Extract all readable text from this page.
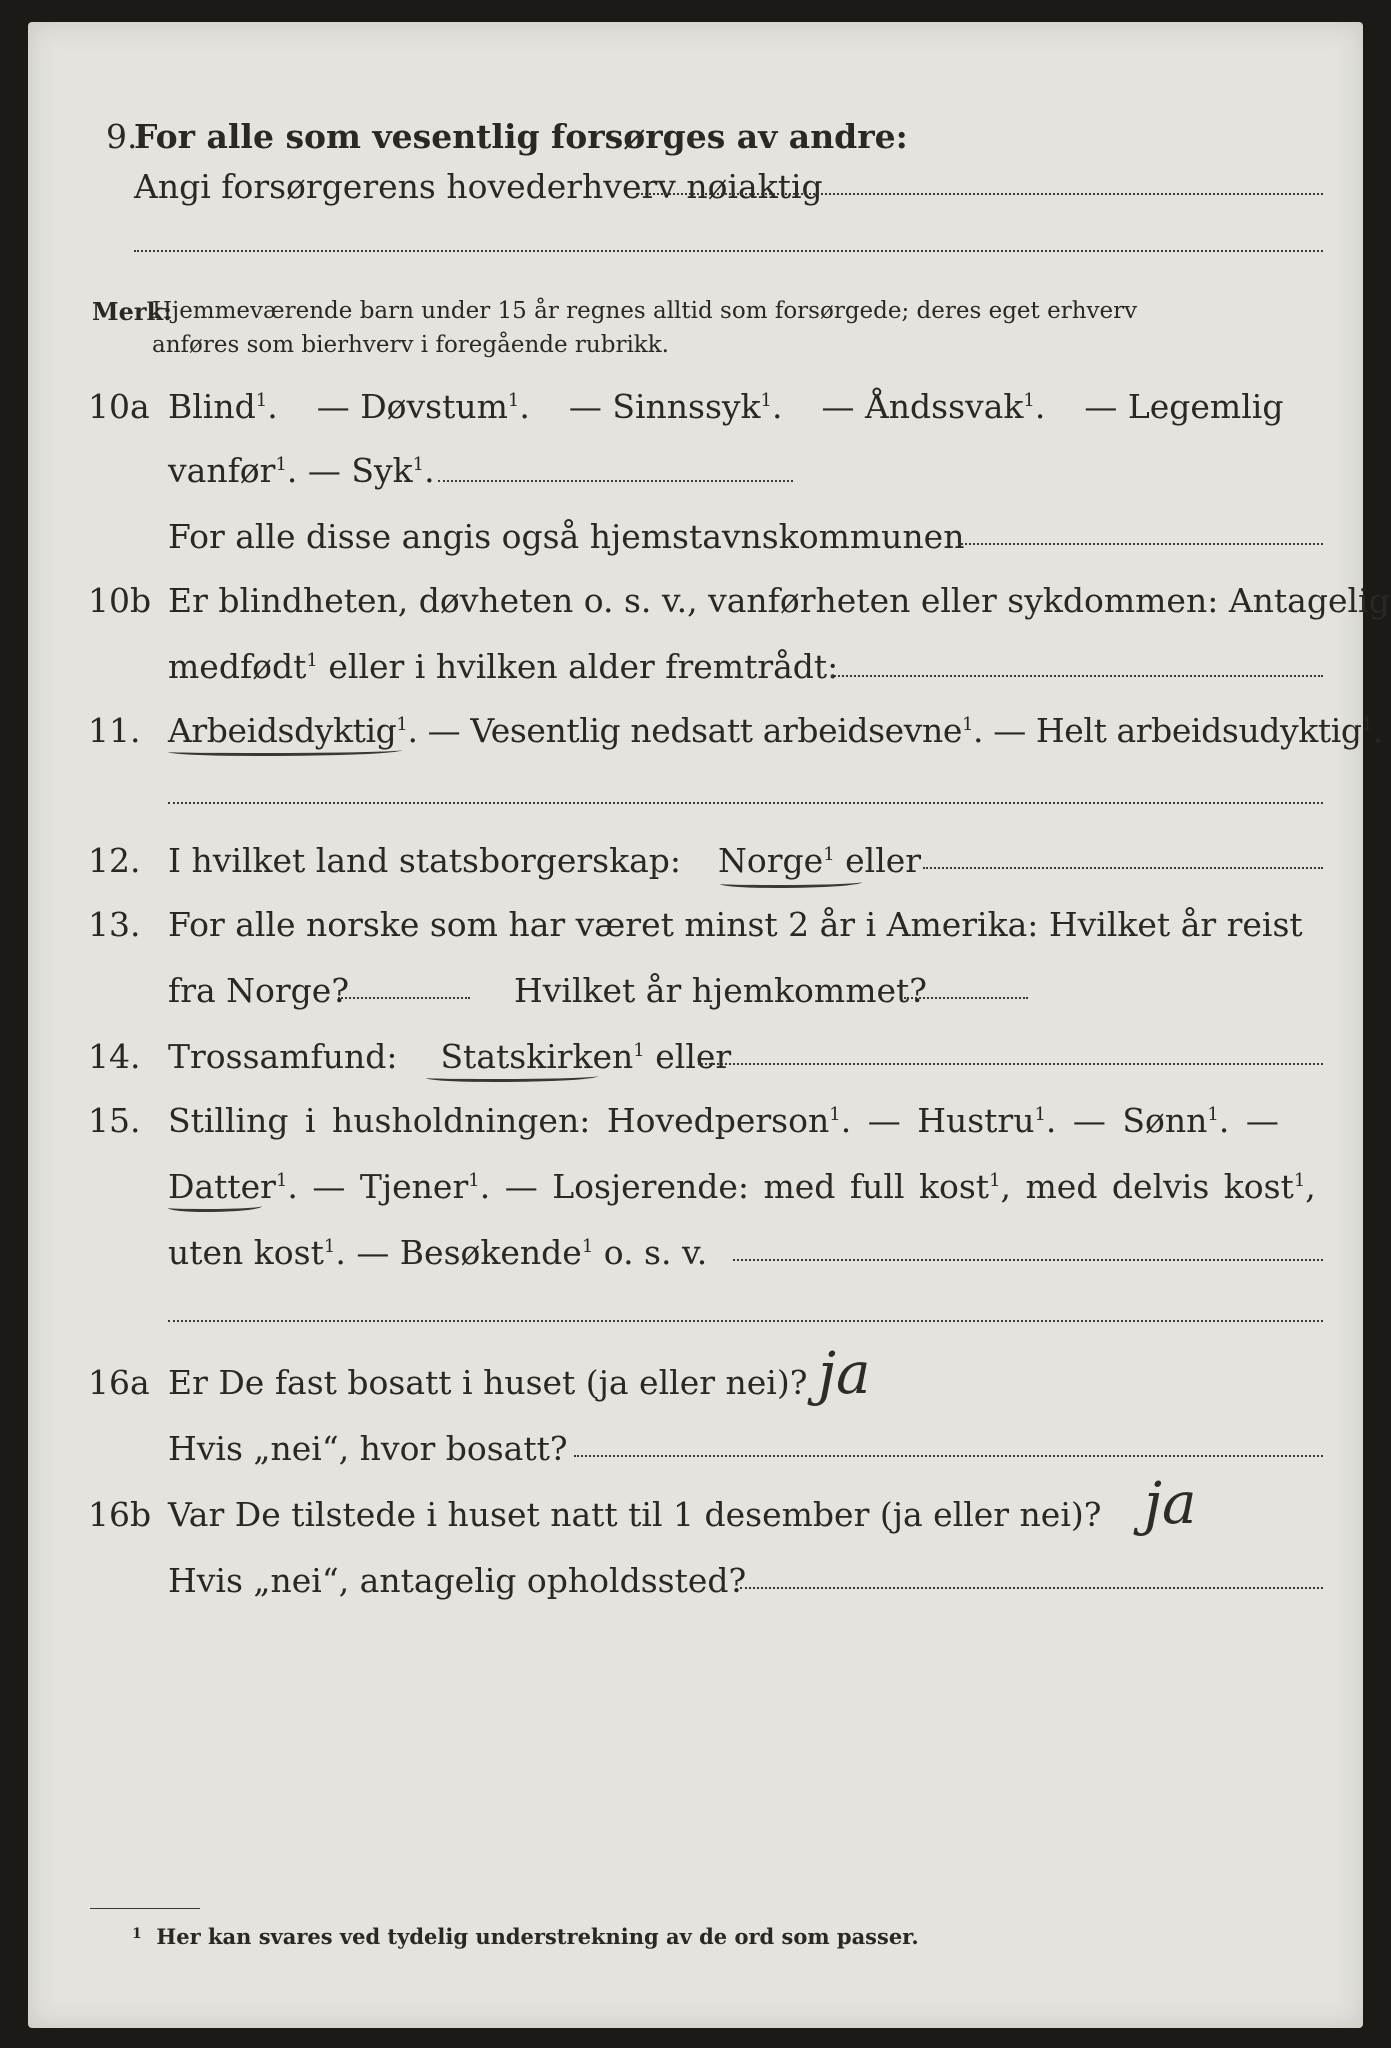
9.
For alle som vesentlig forsørges av andre:
Angi forsørgerens hovederhverv nøiaktig
Merk:
Hjemmeværende barn under 15 år regnes alltid som forsørgede; deres eget erhverv
anføres som bierhverv i foregående rubrikk.
10a Blind$^1$. — Døvstum$^1$. — Sinnssyk$^1$. — Åndssvak$^1$. — Legemlig
vanfør$^1$. — Syk$^1$.
For alle disse angis også hjemstavnskommunen
10b Er blindheten, døvheten o. s. v., vanførheten eller sykdommen: Antagelig
medfødt$^1$ eller i hvilken alder fremtrådt:
11. Arbeidsdyktig$^1$. — Vesentlig nedsatt arbeidsevne$^1$. — Helt arbeidsudyktig$^1$.
12. I hvilket land statsborgerskap: Norge$^1$ eller
13. For alle norske som har været minst 2 år i Amerika: Hvilket år reist
fra Norge?	Hvilket år hjemkommet?
14. Trossamfund: Statskirken$^1$ eller
15. Stilling i husholdningen: Hovedperson$^1$. — Hustru$^1$. — Sønn$^1$. —
Datter$^1$. — Tjener$^1$. — Losjerende: med full kost$^1$, med delvis kost$^1$,
uten kost$^1$. — Besøkende$^1$ o. s. v.
16a Er De fast bosatt i huset (ja eller nei)? ja
Hvis „nei“, hvor bosatt?
16b Var De tilstede i huset natt til 1 desember (ja eller nei)? ja
Hvis „nei“, antagelig opholdssted?
$^1$ Her kan svares ved tydelig understrekning av de ord som passer.
